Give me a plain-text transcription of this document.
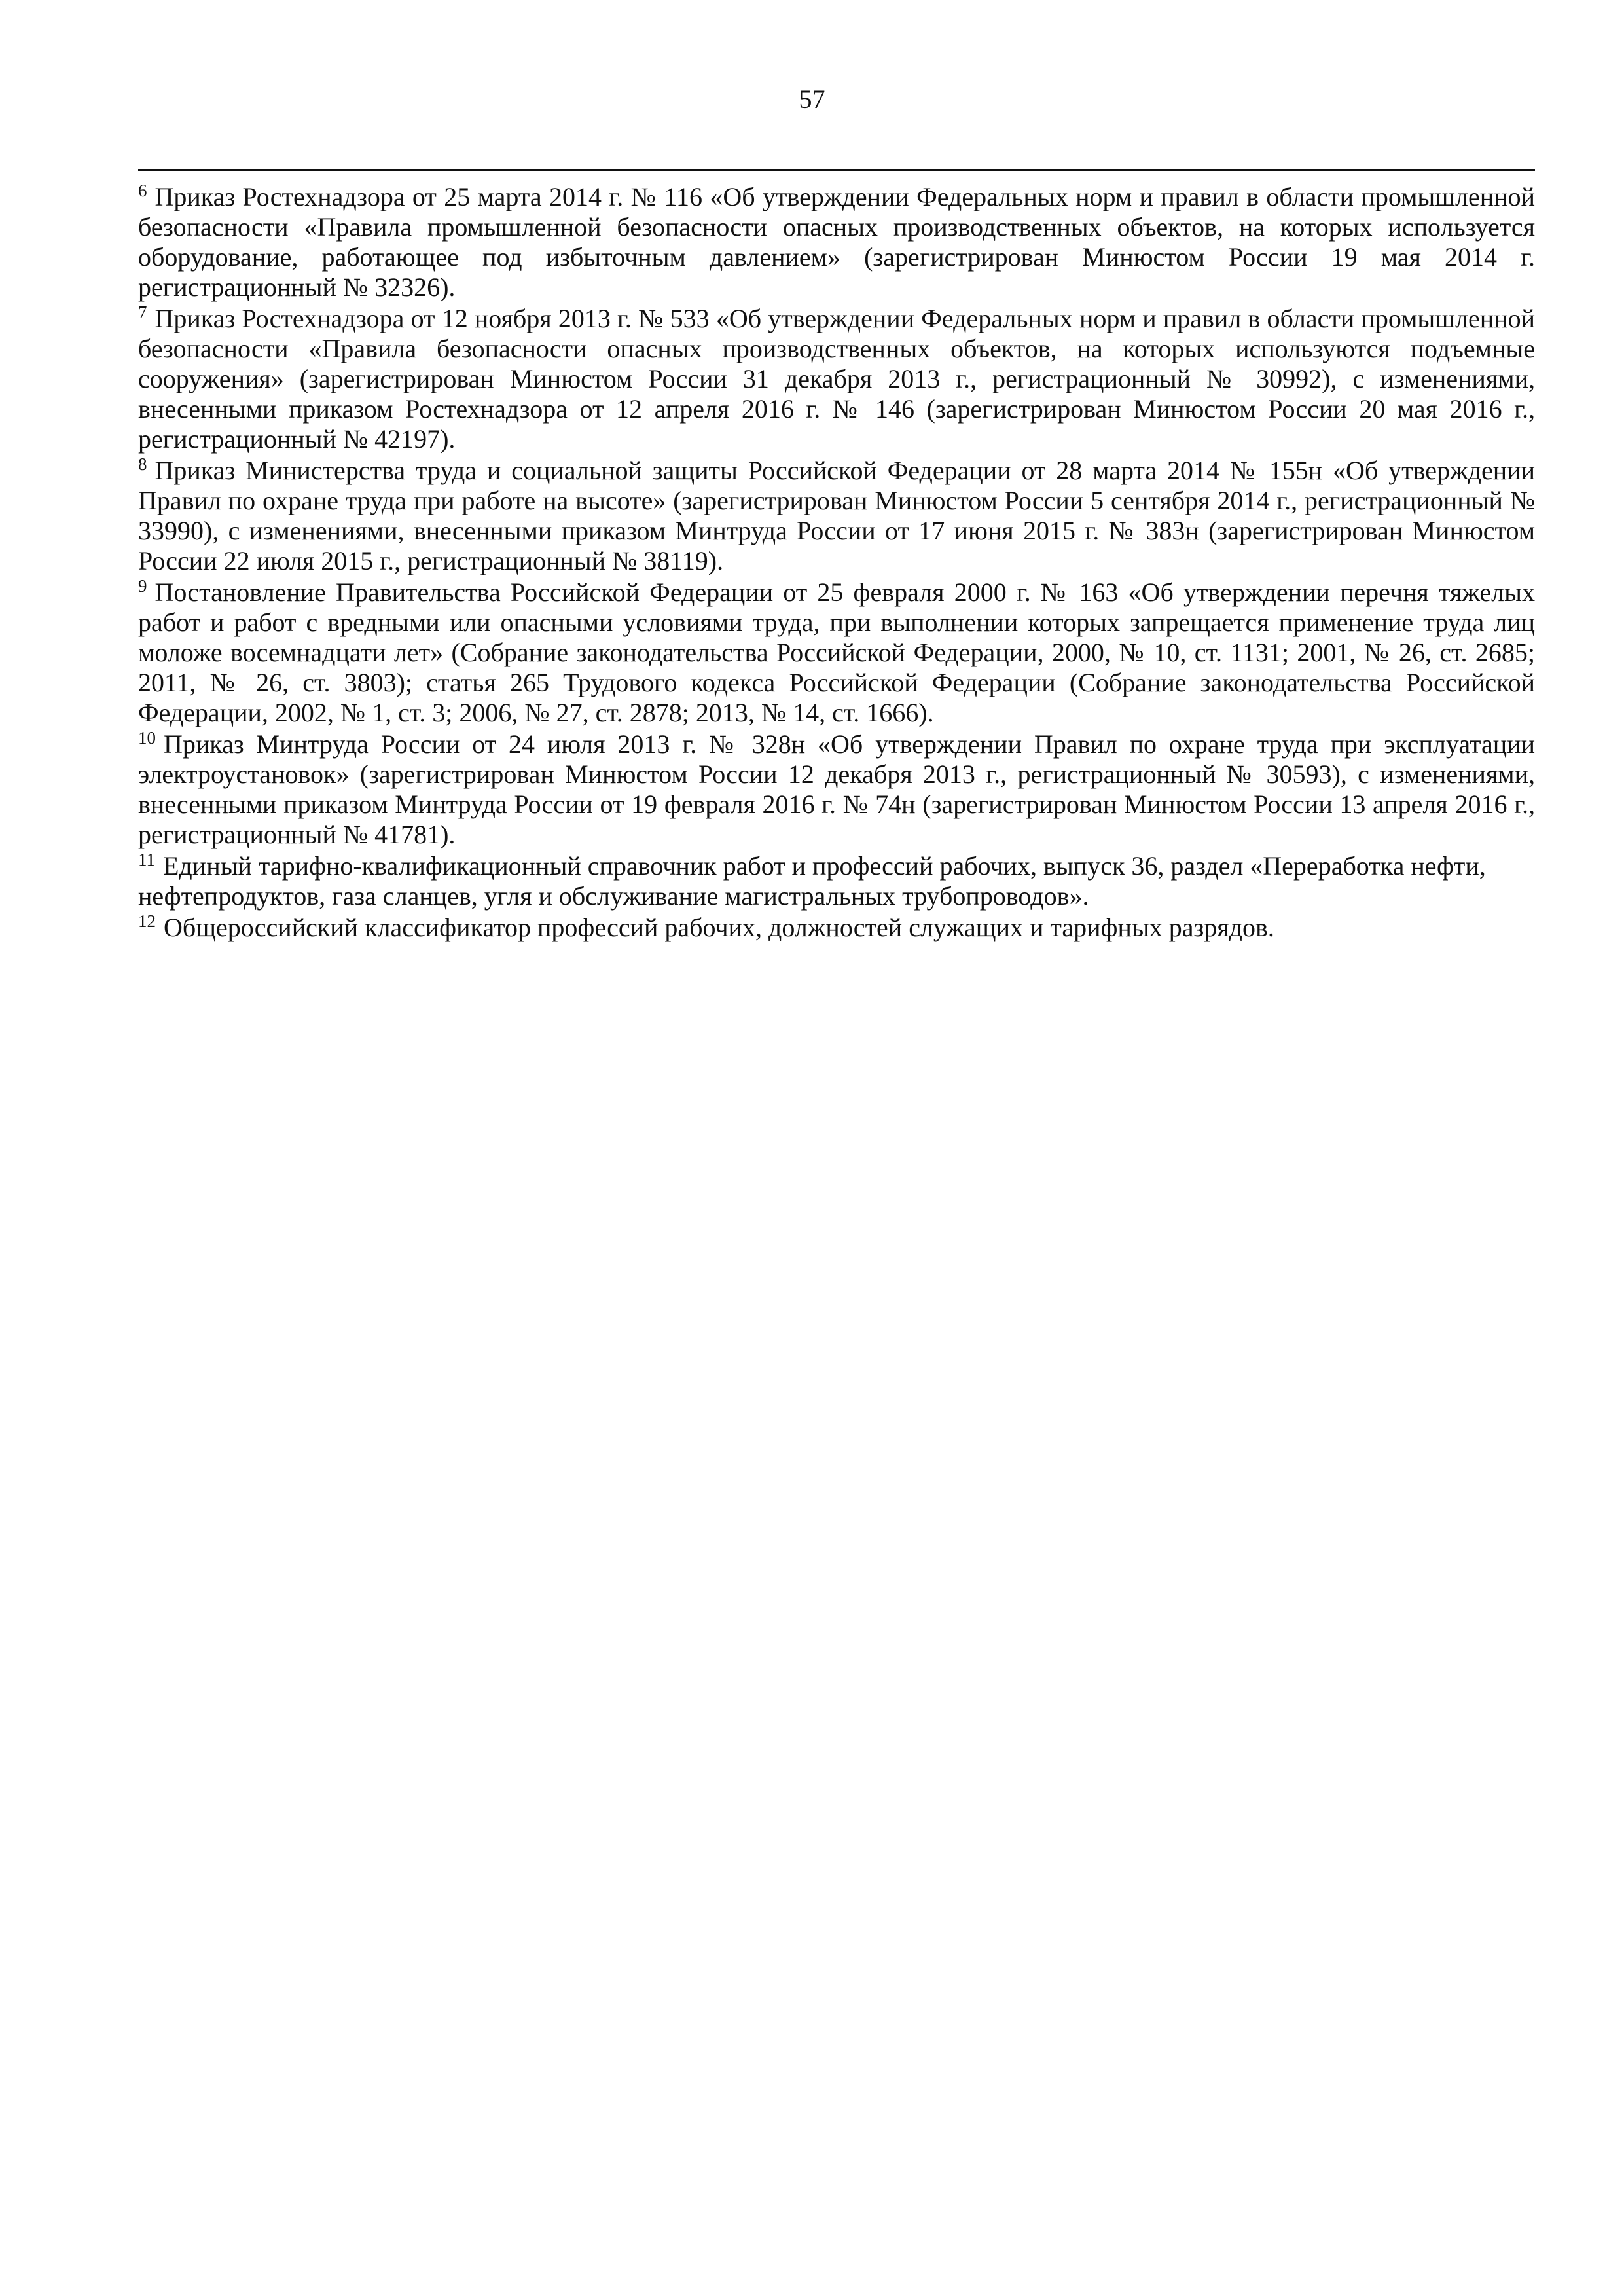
57

$^6$ Приказ Ростехнадзора от 25 марта 2014 г. № 116 «Об утверждении Федеральных норм и правил в области промышленной безопасности «Правила промышленной безопасности опасных производственных объектов, на которых используется оборудование, работающее под избыточным давлением» (зарегистрирован Минюстом России 19 мая 2014 г. регистрационный № 32326).

$^7$ Приказ Ростехнадзора от 12 ноября 2013 г. № 533 «Об утверждении Федеральных норм и правил в области промышленной безопасности «Правила безопасности опасных производственных объектов, на которых используются подъемные сооружения» (зарегистрирован Минюстом России 31 декабря 2013 г., регистрационный № 30992), с изменениями, внесенными приказом Ростехнадзора от 12 апреля 2016 г. № 146 (зарегистрирован Минюстом России 20 мая 2016 г., регистрационный № 42197).

$^8$ Приказ Министерства труда и социальной защиты Российской Федерации от 28 марта 2014 № 155н «Об утверждении Правил по охране труда при работе на высоте» (зарегистрирован Минюстом России 5 сентября 2014 г., регистрационный № 33990), с изменениями, внесенными приказом Минтруда России от 17 июня 2015 г. № 383н (зарегистрирован Минюстом России 22 июля 2015 г., регистрационный № 38119).

$^9$ Постановление Правительства Российской Федерации от 25 февраля 2000 г. № 163 «Об утверждении перечня тяжелых работ и работ с вредными или опасными условиями труда, при выполнении которых запрещается применение труда лиц моложе восемнадцати лет» (Собрание законодательства Российской Федерации, 2000, № 10, ст. 1131; 2001, № 26, ст. 2685; 2011, № 26, ст. 3803); статья 265 Трудового кодекса Российской Федерации (Собрание законодательства Российской Федерации, 2002, № 1, ст. 3; 2006, № 27, ст. 2878; 2013, № 14, ст. 1666).

$^{10}$ Приказ Минтруда России от 24 июля 2013 г. № 328н «Об утверждении Правил по охране труда при эксплуатации электроустановок» (зарегистрирован Минюстом России 12 декабря 2013 г., регистрационный № 30593), с изменениями, внесенными приказом Минтруда России от 19 февраля 2016 г. № 74н (зарегистрирован Минюстом России 13 апреля 2016 г., регистрационный № 41781).

$^{11}$ Единый тарифно-квалификационный справочник работ и профессий рабочих, выпуск 36, раздел «Переработка нефти, нефтепродуктов, газа сланцев, угля и обслуживание магистральных трубопроводов».

$^{12}$ Общероссийский классификатор профессий рабочих, должностей служащих и тарифных разрядов.
